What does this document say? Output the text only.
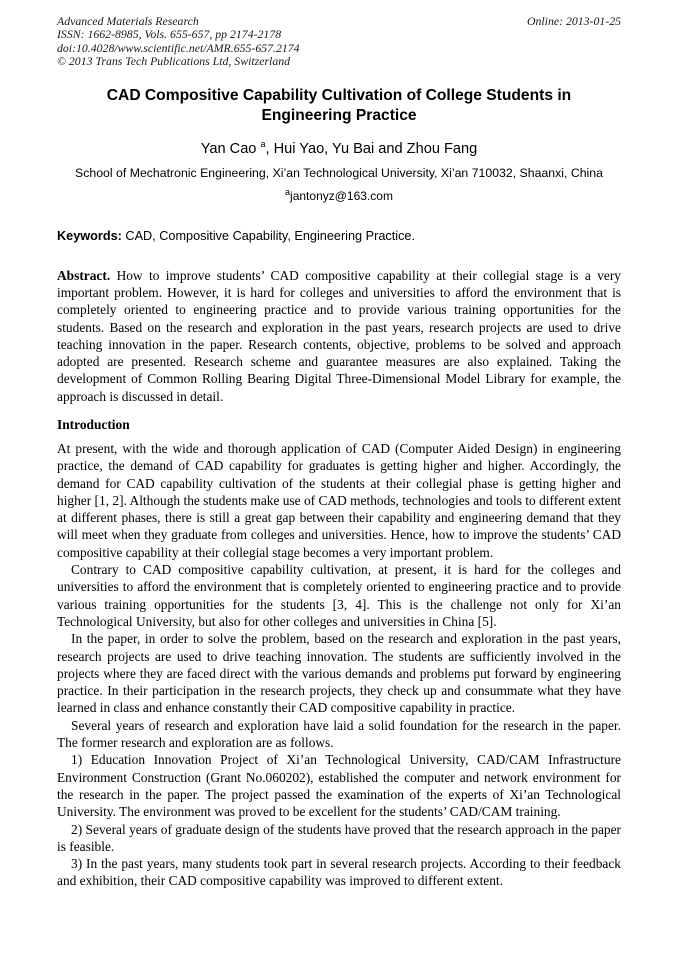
Advanced Materials Research
ISSN: 1662-8985, Vols. 655-657, pp 2174-2178
doi:10.4028/www.scientific.net/AMR.655-657.2174
© 2013 Trans Tech Publications Ltd, Switzerland
Online: 2013-01-25
CAD Compositive Capability Cultivation of College Students in Engineering Practice
Yan Cao $^a$, Hui Yao, Yu Bai and Zhou Fang
School of Mechatronic Engineering, Xi’an Technological University, Xi’an 710032, Shaanxi, China
$^a$jantonyz@163.com

Keywords: CAD, Compositive Capability, Engineering Practice.

Abstract. How to improve students’ CAD compositive capability at their collegial stage is a very important problem. However, it is hard for colleges and universities to afford the environment that is completely oriented to engineering practice and to provide various training opportunities for the students. Based on the research and exploration in the past years, research projects are used to drive teaching innovation in the paper. Research contents, objective, problems to be solved and approach adopted are presented. Research scheme and guarantee measures are also explained. Taking the development of Common Rolling Bearing Digital Three-Dimensional Model Library for example, the approach is discussed in detail.

Introduction

At present, with the wide and thorough application of CAD (Computer Aided Design) in engineering practice, the demand of CAD capability for graduates is getting higher and higher. Accordingly, the demand for CAD capability cultivation of the students at their collegial phase is getting higher and higher [1, 2]. Although the students make use of CAD methods, technologies and tools to different extent at different phases, there is still a great gap between their capability and engineering demand that they will meet when they graduate from colleges and universities. Hence, how to improve the students’ CAD compositive capability at their collegial stage becomes a very important problem.

Contrary to CAD compositive capability cultivation, at present, it is hard for the colleges and universities to afford the environment that is completely oriented to engineering practice and to provide various training opportunities for the students [3, 4]. This is the challenge not only for Xi’an Technological University, but also for other colleges and universities in China [5].

In the paper, in order to solve the problem, based on the research and exploration in the past years, research projects are used to drive teaching innovation. The students are sufficiently involved in the projects where they are faced direct with the various demands and problems put forward by engineering practice. In their participation in the research projects, they check up and consummate what they have learned in class and enhance constantly their CAD compositive capability in practice.

Several years of research and exploration have laid a solid foundation for the research in the paper. The former research and exploration are as follows.

1) Education Innovation Project of Xi’an Technological University, CAD/CAM Infrastructure Environment Construction (Grant No.060202), established the computer and network environment for the research in the paper. The project passed the examination of the experts of Xi’an Technological University. The environment was proved to be excellent for the students’ CAD/CAM training.

2) Several years of graduate design of the students have proved that the research approach in the paper is feasible.

3) In the past years, many students took part in several research projects. According to their feedback and exhibition, their CAD compositive capability was improved to different extent.
